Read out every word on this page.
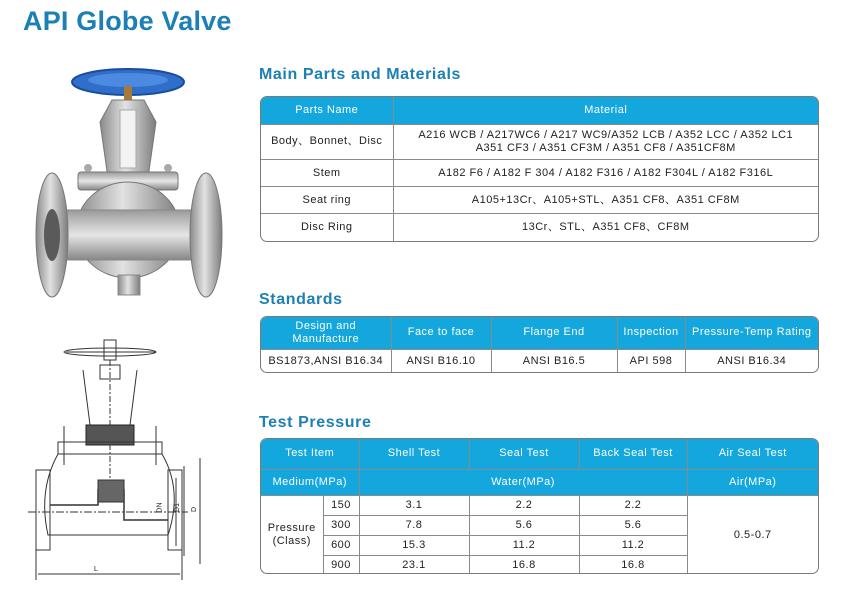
API Globe Valve
DN D1 D
L
Main Parts and Materials
Parts Name	Material
Body、Bonnet、Disc	A216 WCB / A217WC6 / A217 WC9/A352 LCB / A352 LCC / A352 LC1
A351 CF3 / A351 CF3M / A351 CF8 / A351CF8M

Stem	A182 F6 / A182 F 304 / A182 F316 / A182 F304L / A182 F316L
Seat ring	A105+13Cr、A105+STL、A351 CF8、A351 CF8M
Disc Ring	13Cr、STL、A351 CF8、CF8M
Standards
Design and Manufacture	Face to face	Flange End	Inspection	Pressure-Temp Rating
BS1873,ANSI B16.34	ANSI B16.10	ANSI B16.5	API 598	ANSI B16.34
Test Pressure
Test Item		Shell Test	Seal Test	Back Seal Test	Air Seal Test
Medium(MPa)		Water(MPa)			Air(MPa)
Pressure (Class)	150	3.1	2.2	2.2	0.5-0.7
	300	7.8	5.6	5.6	
	600	15.3	11.2	11.2	
	900	23.1	16.8	16.8	
